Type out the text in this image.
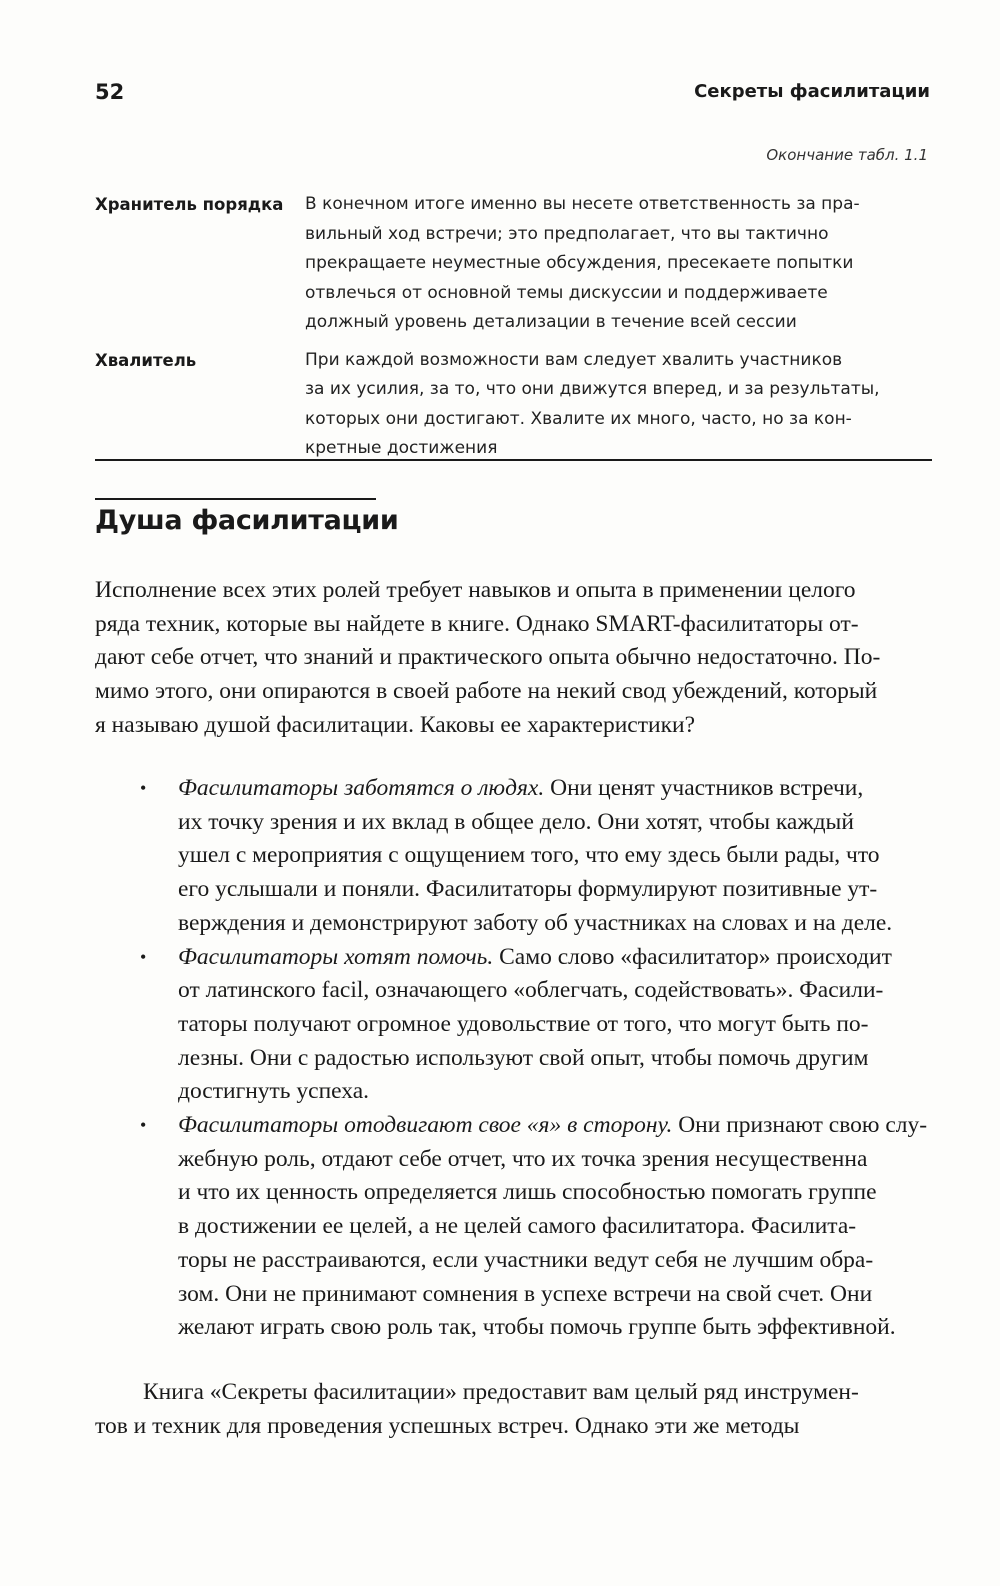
52	Секреты фасилитации
Окончание табл. 1.1
Хранитель порядка	В конечном итоге именно вы несете ответственность за пра-
вильный ход встречи; это предполагает, что вы тактично
прекращаете неуместные обсуждения, пресекаете попытки
отвлечься от основной темы дискуссии и поддерживаете
должный уровень детализации в течение всей сессии
Хвалитель	При каждой возможности вам следует хвалить участников
за их усилия, за то, что они движутся вперед, и за результаты,
которых они достигают. Хвалите их много, часто, но за кон-
кретные достижения
Душа фасилитации
Исполнение всех этих ролей требует навыков и опыта в применении целого
ряда техник, которые вы найдете в книге. Однако SMART-фасилитаторы от-
дают себе отчет, что знаний и практического опыта обычно недостаточно. По-
мимо этого, они опираются в своей работе на некий свод убеждений, который
я называю душой фасилитации. Каковы ее характеристики?
• Фасилитаторы заботятся о людях. Они ценят участников встречи,
их точку зрения и их вклад в общее дело. Они хотят, чтобы каждый
ушел с мероприятия с ощущением того, что ему здесь были рады, что
его услышали и поняли. Фасилитаторы формулируют позитивные ут-
верждения и демонстрируют заботу об участниках на словах и на деле.
• Фасилитаторы хотят помочь. Само слово «фасилитатор» происходит
от латинского facil, означающего «облегчать, содействовать». Фасили-
таторы получают огромное удовольствие от того, что могут быть по-
лезны. Они с радостью используют свой опыт, чтобы помочь другим
достигнуть успеха.
• Фасилитаторы отодвигают свое «я» в сторону. Они признают свою слу-
жебную роль, отдают себе отчет, что их точка зрения несущественна
и что их ценность определяется лишь способностью помогать группе
в достижении ее целей, а не целей самого фасилитатора. Фасилита-
торы не расстраиваются, если участники ведут себя не лучшим обра-
зом. Они не принимают сомнения в успехе встречи на свой счет. Они
желают играть свою роль так, чтобы помочь группе быть эффективной.
Книга «Секреты фасилитации» предоставит вам целый ряд инструмен-
тов и техник для проведения успешных встреч. Однако эти же методы
